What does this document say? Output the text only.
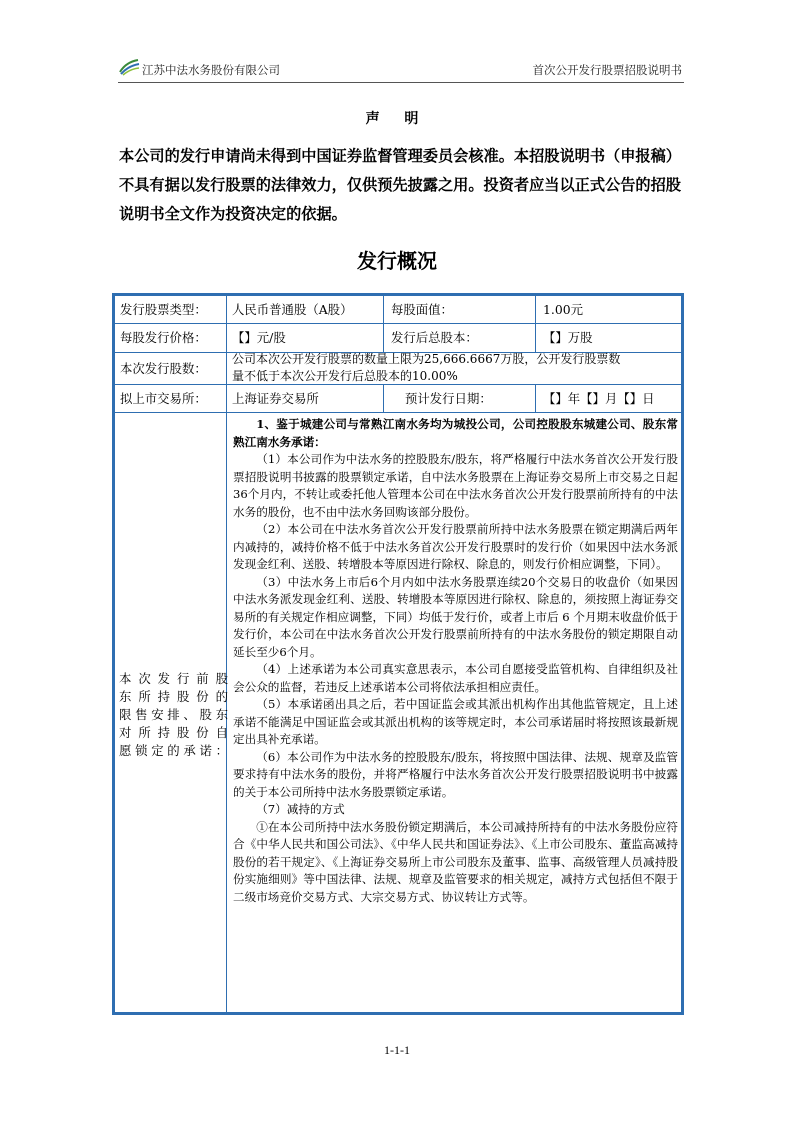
江苏中法水务股份有限公司	首次公开发行股票招股说明书
声 明
本公司的发行申请尚未得到中国证券监督管理委员会核准。本招股说明书（申报稿）不具有据以发行股票的法律效力，仅供预先披露之用。投资者应当以正式公告的招股说明书全文作为投资决定的依据。
发行概况
发行股票类型： 人民币普通股（A股）	每股面值：	1.00元
每股发行价格： 【】元/股	发行后总股本：	【】万股
本次发行股数：
公司本次公开发行股票的数量上限为25,666.6667万股，公开发行股票数
量不低于本次公开发行后总股本的10.00%
拟上市交易所： 上海证券交易所	预计发行日期：	【】年【】月【】日
本次发行前股
东所持股份的
限售安排、股东
对所持股份自
愿锁定的承诺：

1、鉴于城建公司与常熟江南水务均为城投公司，公司控股股东城建公司、股东常熟江南水务承诺：

（1）本公司作为中法水务的控股股东/股东，将严格履行中法水务首次公开发行股票招股说明书披露的股票锁定承诺，自中法水务股票在上海证券交易所上市交易之日起36个月内，不转让或委托他人管理本公司在中法水务首次公开发行股票前所持有的中法水务的股份，也不由中法水务回购该部分股份。

（2）本公司在中法水务首次公开发行股票前所持中法水务股票在锁定期满后两年内减持的，减持价格不低于中法水务首次公开发行股票时的发行价（如果因中法水务派发现金红利、送股、转增股本等原因进行除权、除息的，则发行价相应调整，下同）。

（3）中法水务上市后6个月内如中法水务股票连续20个交易日的收盘价（如果因中法水务派发现金红利、送股、转增股本等原因进行除权、除息的，须按照上海证券交易所的有关规定作相应调整，下同）均低于发行价，或者上市后 6 个月期末收盘价低于发行价，本公司在中法水务首次公开发行股票前所持有的中法水务股份的锁定期限自动延长至少6个月。

（4）上述承诺为本公司真实意思表示，本公司自愿接受监管机构、自律组织及社会公众的监督，若违反上述承诺本公司将依法承担相应责任。

（5）本承诺函出具之后，若中国证监会或其派出机构作出其他监管规定，且上述承诺不能满足中国证监会或其派出机构的该等规定时，本公司承诺届时将按照该最新规定出具补充承诺。

（6）本公司作为中法水务的控股股东/股东，将按照中国法律、法规、规章及监管要求持有中法水务的股份，并将严格履行中法水务首次公开发行股票招股说明书中披露的关于本公司所持中法水务股票锁定承诺。

（7）减持的方式

①在本公司所持中法水务股份锁定期满后，本公司减持所持有的中法水务股份应符合《中华人民共和国公司法》、《中华人民共和国证券法》、《上市公司股东、董监高减持股份的若干规定》、《上海证券交易所上市公司股东及董事、监事、高级管理人员减持股份实施细则》等中国法律、法规、规章及监管要求的相关规定，减持方式包括但不限于二级市场竞价交易方式、大宗交易方式、协议转让方式等。

1-1-1
